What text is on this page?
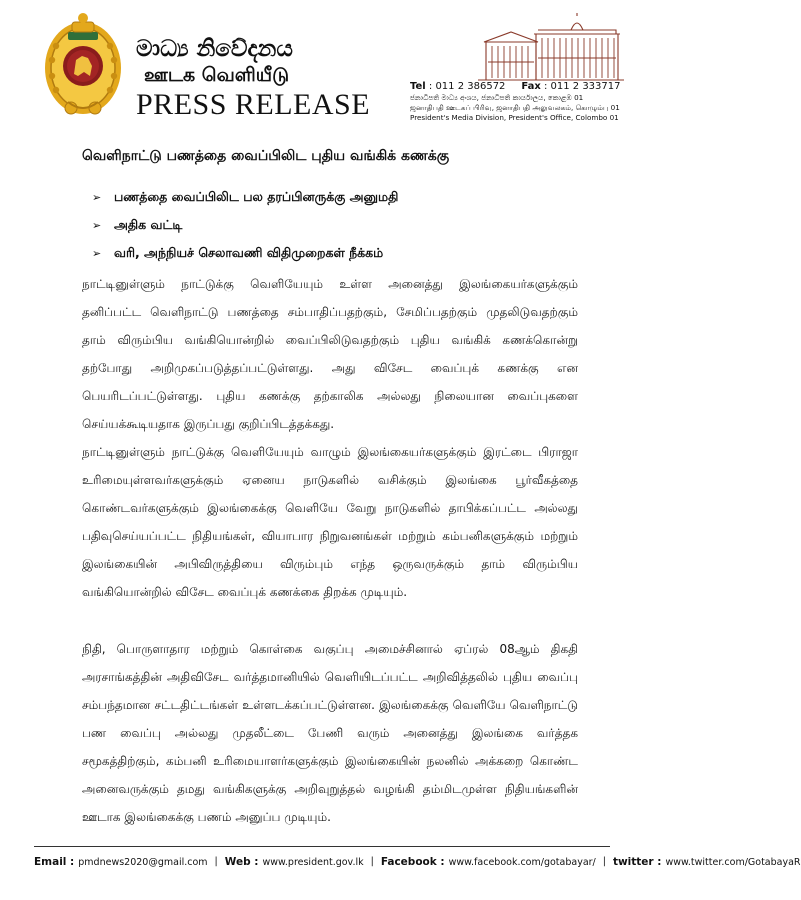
මාධ්‍ය නිවේදනය
ஊடக வெளியீடு
PRESS RELEASE
Tel : 011 2 386572 Fax : 011 2 333717
ජනාධිපති මාධ්‍ය අංශය, ජනාධිපති කාර්යාලය, කොළඹ 01
ஜனாதிபதி ஊடகப் பிரிவு, ஜனாதிபதி அலுவலகம், கொழும்பு 01
President's Media Division, President's Office, Colombo 01
வெளிநாட்டு பணத்தை வைப்பிலிட புதிய வங்கிக் கணக்கு
➢ பணத்தை வைப்பிலிட பல தரப்பினருக்கு அனுமதி
➢ அதிக வட்டி
➢ வரி, அந்நியச் செலாவணி விதிமுறைகள் நீக்கம்

நாட்டினுள்ளும் நாட்டுக்கு வெளியேயும் உள்ள அனைத்து இலங்கையர்களுக்கும் தனிப்பட்ட வெளிநாட்டு பணத்தை சம்பாதிப்பதற்கும், சேமிப்பதற்கும் முதலிடுவதற்கும் தாம் விரும்பிய வங்கியொன்றில் வைப்பிலிடுவதற்கும் புதிய வங்கிக் கணக்கொன்று தற்போது அறிமுகப்படுத்தப்பட்டுள்ளது. அது விசேட வைப்புக் கணக்கு என பெயரிடப்பட்டுள்ளது. புதிய கணக்கு தற்காலிக அல்லது நிலையான வைப்புகளை செய்யக்கூடியதாக இருப்பது குறிப்பிடத்தக்கது.

நாட்டினுள்ளும் நாட்டுக்கு வெளியேயும் வாழும் இலங்கையர்களுக்கும் இரட்டை பிராஜா உரிமையுள்ளவர்களுக்கும் ஏனைய நாடுகளில் வசிக்கும் இலங்கை பூர்வீகத்தை கொண்டவர்களுக்கும் இலங்கைக்கு வெளியே வேறு நாடுகளில் தாபிக்கப்பட்ட அல்லது பதிவுசெய்யப்பட்ட நிதியங்கள், வியாபார நிறுவனங்கள் மற்றும் கம்பனிகளுக்கும் மற்றும் இலங்கையின் அபிவிருத்தியை விரும்பும் எந்த ஒருவருக்கும் தாம் விரும்பிய வங்கியொன்றில் விசேட வைப்புக் கணக்கை திறக்க முடியும்.

நிதி, பொருளாதார மற்றும் கொள்கை வகுப்பு அமைச்சினால் ஏப்ரல் 08ஆம் திகதி அரசாங்கத்தின் அதிவிசேட வர்த்தமானியில் வெளியிடப்பட்ட அறிவித்தலில் புதிய வைப்பு சம்பந்தமான சட்டதிட்டங்கள் உள்ளடக்கப்பட்டுள்ளன. இலங்கைக்கு வெளியே வெளிநாட்டு பண வைப்பு அல்லது முதலீட்டை பேணி வரும் அனைத்து இலங்கை வர்த்தக சமூகத்திற்கும், கம்பனி உரிமையாளர்களுக்கும் இலங்கையின் நலனில் அக்கறை கொண்ட அனைவருக்கும் தமது வங்கிகளுக்கு அறிவுறுத்தல் வழங்கி தம்மிடமுள்ள நிதியங்களின் ஊடாக இலங்கைக்கு பணம் அனுப்ப முடியும்.

Email : pmdnews2020@gmail.com | Web : www.president.gov.lk | Facebook : www.facebook.com/gotabayar/ | twitter : www.twitter.com/GotabayaR
